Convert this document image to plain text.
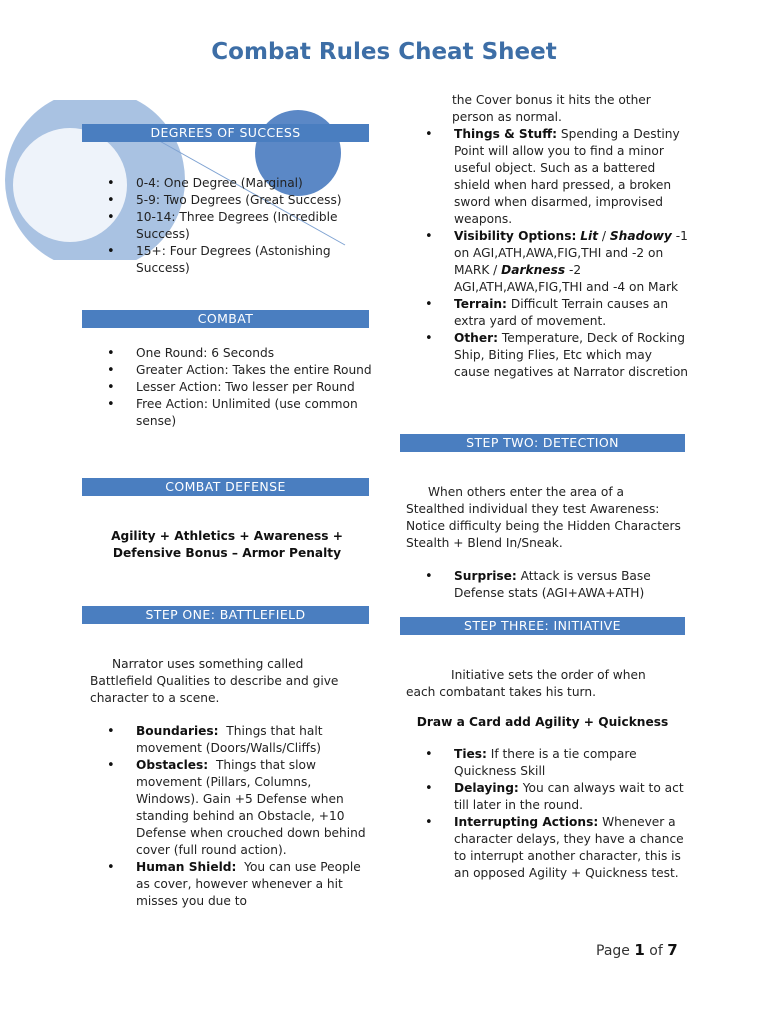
Combat Rules Cheat Sheet
DEGREES OF SUCCESS
• 0-4: One Degree (Marginal)
• 5-9: Two Degrees (Great Success)
• 10-14: Three Degrees (Incredible Success)
• 15+: Four Degrees (Astonishing Success)
COMBAT
• One Round: 6 Seconds
• Greater Action: Takes the entire Round
• Lesser Action: Two lesser per Round
• Free Action: Unlimited (use common sense)
COMBAT DEFENSE
Agility + Athletics + Awareness +
Defensive Bonus – Armor Penalty
STEP ONE: BATTLEFIELD
Narrator uses something called Battlefield Qualities to describe and give character to a scene.
• Boundaries: Things that halt movement (Doors/Walls/Cliffs)
• Obstacles: Things that slow movement (Pillars, Columns, Windows). Gain +5 Defense when standing behind an Obstacle, +10 Defense when crouched down behind cover (full round action).
• Human Shield: You can use People as cover, however whenever a hit misses you due to
the Cover bonus it hits the other person as normal.
• Things & Stuff: Spending a Destiny Point will allow you to find a minor useful object. Such as a battered shield when hard pressed, a broken sword when disarmed, improvised weapons.
• Visibility Options: Lit / Shadowy -1 on AGI,ATH,AWA,FIG,THI and -2 on MARK / Darkness -2 AGI,ATH,AWA,FIG,THI and -4 on Mark
• Terrain: Difficult Terrain causes an extra yard of movement.
• Other: Temperature, Deck of Rocking Ship, Biting Flies, Etc which may cause negatives at Narrator discretion
STEP TWO: DETECTION
When others enter the area of a Stealthed individual they test Awareness: Notice difficulty being the Hidden Characters Stealth + Blend In/Sneak.
• Surprise: Attack is versus Base Defense stats (AGI+AWA+ATH)
STEP THREE: INITIATIVE
Initiative sets the order of when each combatant takes his turn.
Draw a Card add Agility + Quickness
• Ties: If there is a tie compare Quickness Skill
• Delaying: You can always wait to act till later in the round.
• Interrupting Actions: Whenever a character delays, they have a chance to interrupt another character, this is an opposed Agility + Quickness test.
Page 1 of 7
